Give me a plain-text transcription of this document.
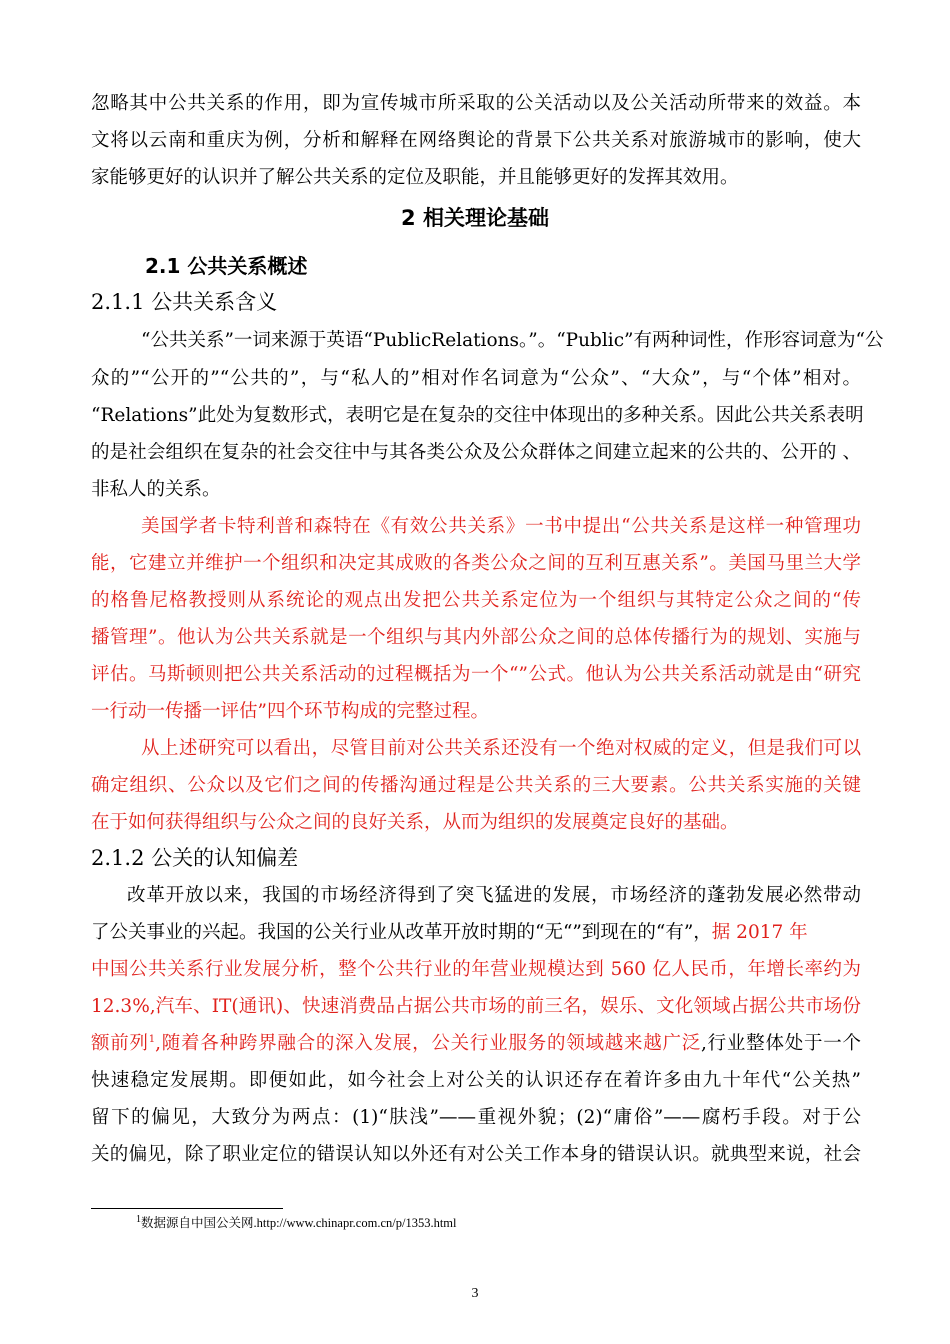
忽略其中公共关系的作用，即为宣传城市所采取的公关活动以及公关活动所带来的效益。本
文将以云南和重庆为例，分析和解释在网络舆论的背景下公共关系对旅游城市的影响，使大
家能够更好的认识并了解公共关系的定位及职能，并且能够更好的发挥其效用。
2 相关理论基础
2.1 公共关系概述
2.1.1 公共关系含义
“公共关系”一词来源于英语“PublicRelations。”。“Public”有两种词性，作形容词意为“公
众的”“公开的”“公共的”，与“私人的”相对作名词意为“公众”、“大众”，与“个体”相对。
“Relations”此处为复数形式，表明它是在复杂的交往中体现出的多种关系。因此公共关系表明
的是社会组织在复杂的社会交往中与其各类公众及公众群体之间建立起来的公共的、公开的 、
非私人的关系。
美国学者卡特利普和森特在《有效公共关系》一书中提出“公共关系是这样一种管理功
能，它建立并维护一个组织和决定其成败的各类公众之间的互利互惠关系”。美国马里兰大学
的格鲁尼格教授则从系统论的观点出发把公共关系定位为一个组织与其特定公众之间的“传
播管理”。他认为公共关系就是一个组织与其内外部公众之间的总体传播行为的规划、实施与
评估。马斯顿则把公共关系活动的过程概括为一个“”公式。他认为公共关系活动就是由“研究
一行动一传播一评估”四个环节构成的完整过程。
从上述研究可以看出，尽管目前对公共关系还没有一个绝对权威的定义，但是我们可以
确定组织、公众以及它们之间的传播沟通过程是公共关系的三大要素。公共关系实施的关键
在于如何获得组织与公众之间的良好关系，从而为组织的发展奠定良好的基础。
2.1.2 公关的认知偏差
改革开放以来，我国的市场经济得到了突飞猛进的发展，市场经济的蓬勃发展必然带动
了公关事业的兴起。我国的公关行业从改革开放时期的“无“”到现在的“有”，据 2017 年
中国公共关系行业发展分析，整个公共行业的年营业规模达到 560 亿人民币，年增长率约为
12.3%,汽车、IT(通讯)、快速消费品占据公共市场的前三名，娱乐、文化领域占据公共市场份
额前列$^1$,随着各种跨界融合的深入发展，公关行业服务的领域越来越广泛,行业整体处于一个
快速稳定发展期。即便如此，如今社会上对公关的认识还存在着许多由九十年代“公关热”
留下的偏见，大致分为两点：(1)“肤浅”——重视外貌；(2)“庸俗”——腐朽手段。对于公
关的偏见，除了职业定位的错误认知以外还有对公关工作本身的错误认识。就典型来说，社会
$^1$数据源自中国公关网.http://www.chinapr.com.cn/p/1353.html
3
